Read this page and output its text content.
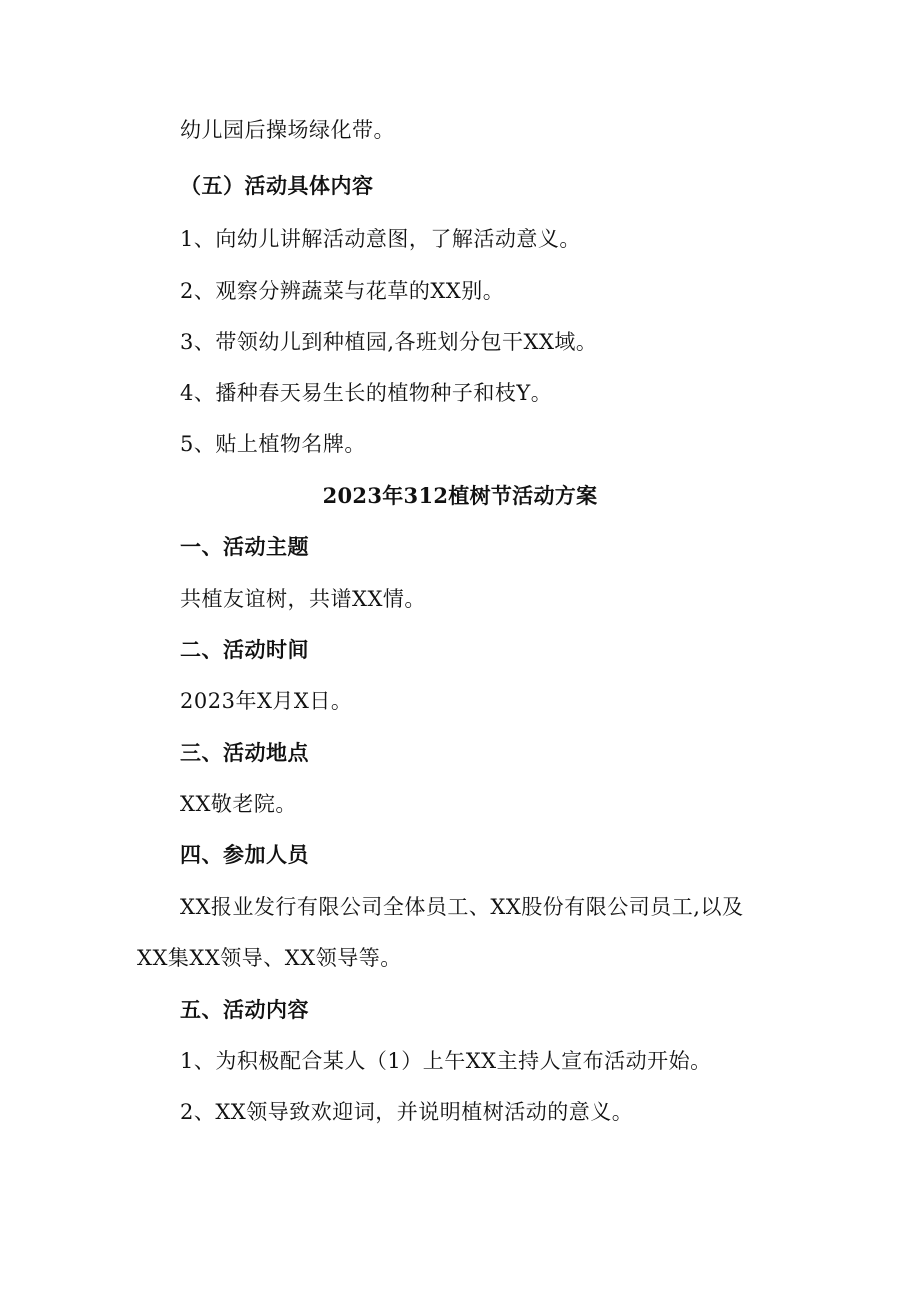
幼儿园后操场绿化带。
（五）活动具体内容
1、向幼儿讲解活动意图，了解活动意义。
2、观察分辨蔬菜与花草的XX别。
3、带领幼儿到种植园,各班划分包干XX域。
4、播种春天易生长的植物种子和枝Y。
5、贴上植物名牌。
2023年312植树节活动方案
一、活动主题
共植友谊树，共谱XX情。
二、活动时间
2023年X月X日。
三、活动地点
XX敬老院。
四、参加人员
XX报业发行有限公司全体员工、XX股份有限公司员工,以及
XX集XX领导、XX领导等。
五、活动内容
1、为积极配合某人（1）上午XX主持人宣布活动开始。
2、XX领导致欢迎词，并说明植树活动的意义。
